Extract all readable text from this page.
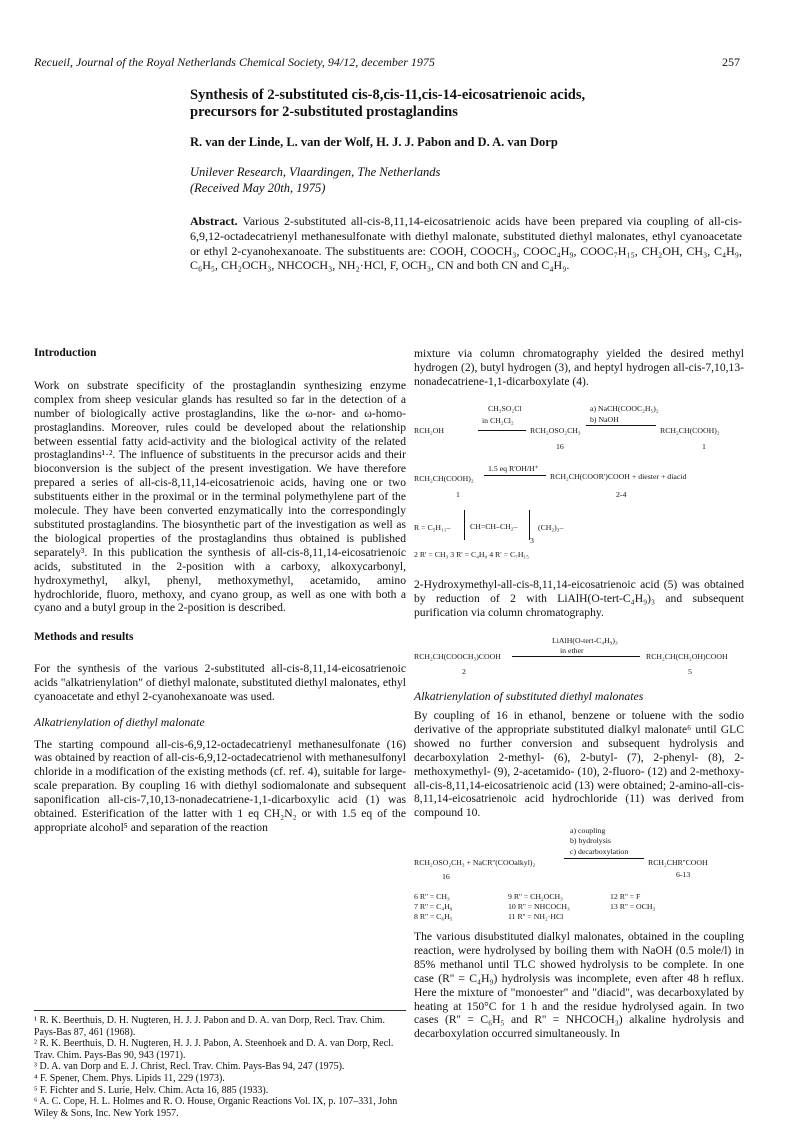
Recueil, Journal of the Royal Netherlands Chemical Society, 94/12, december 1975	257
Synthesis of 2-substituted cis-8,cis-11,cis-14-eicosatrienoic acids,
precursors for 2-substituted prostaglandins
R. van der Linde, L. van der Wolf, H. J. J. Pabon and D. A. van Dorp
Unilever Research, Vlaardingen, The Netherlands
(Received May 20th, 1975)
Abstract. Various 2-substituted all-cis-8,11,14-eicosatrienoic acids have been prepared via coupling of all-cis-6,9,12-octadecatrienyl methanesulfonate with diethyl malonate, substituted diethyl malonates, ethyl cyanoacetate or ethyl 2-cyanohexanoate. The substituents are: COOH, COOCH₃, COOC₄H₉, COOC₇H₁₅, CH₂OH, CH₃, C₄H₉, C₆H₅, CH₂OCH₃, NHCOCH₃, NH₂·HCl, F, OCH₃, CN and both CN and C₄H₉.
Introduction

Work on substrate specificity of the prostaglandin synthesizing enzyme complex from sheep vesicular glands has resulted so far in the detection of a number of biologically active prostaglandins, like the ω-nor- and ω-homo-prostaglandins. Moreover, rules could be developed about the relationship between essential fatty acid-activity and the biological activity of the related prostaglandins¹·². The influence of substituents in the precursor acids and their bioconversion is the subject of the present investigation. We have therefore prepared a series of all-cis-8,11,14-eicosatrienoic acids, having one or two substituents either in the proximal or in the terminal polymethylene part of the molecule. They have been converted enzymatically into the correspondingly substituted prostaglandins. The biosynthetic part of the investigation as well as the biological properties of the prostaglandins thus obtained is published separately³. In this publication the synthesis of all-cis-8,11,14-eicosatrienoic acids, substituted in the 2-position with a carboxy, alkoxycarbonyl, hydroxymethyl, alkyl, phenyl, methoxymethyl, acetamido, amino hydrochloride, fluoro, methoxy, and cyano group, as well as one with both a cyano and a butyl group in the 2-position is described.

Methods and results

For the synthesis of the various 2-substituted all-cis-8,11,14-eicosatrienoic acids "alkatrienylation" of diethyl malonate, substituted diethyl malonates, ethyl cyanoacetate and ethyl 2-cyanohexanoate was used.

Alkatrienylation of diethyl malonate

The starting compound all-cis-6,9,12-octadecatrienyl methanesulfonate (16) was obtained by reaction of all-cis-6,9,12-octadecatrienol with methanesulfonyl chloride in a modification of the existing methods (cf. ref. 4), suitable for large-scale preparation. By coupling 16 with diethyl sodiomalonate and subsequent saponification all-cis-7,10,13-nonadecatriene-1,1-dicarboxylic acid (1) was obtained. Esterification of the latter with 1 eq CH₂N₂ or with 1.5 eq of the appropriate alcohol⁵ and separation of the reaction

¹ R. K. Beerthuis, D. H. Nugteren, H. J. J. Pabon and D. A. van Dorp, Recl. Trav. Chim. Pays-Bas 87, 461 (1968).
² R. K. Beerthuis, D. H. Nugteren, H. J. J. Pabon, A. Steenhoek and D. A. van Dorp, Recl. Trav. Chim. Pays-Bas 90, 943 (1971).
³ D. A. van Dorp and E. J. Christ, Recl. Trav. Chim. Pays-Bas 94, 247 (1975).
⁴ F. Spener, Chem. Phys. Lipids 11, 229 (1973).
⁵ F. Fichter and S. Lurie, Helv. Chim. Acta 16, 885 (1933).
⁶ A. C. Cope, H. L. Holmes and R. O. House, Organic Reactions Vol. IX, p. 107–331, John Wiley & Sons, Inc. New York 1957.
mixture via column chromatography yielded the desired methyl hydrogen (2), butyl hydrogen (3), and heptyl hydrogen all-cis-7,10,13-nonadecatriene-1,1-dicarboxylate (4).
CH₃SO₂Cl
RCH₂OH
in CH₂Cl₂
RCH₂OSO₂CH₃
a) NaCH(COOC₂H₅)₂
b) NaOH
RCH₂CH(COOH)₂
16	1
RCH₂CH(COOH)₂
1.5 eq R'OH/H⁺
RCH₂CH(COOR')COOH + diester + diacid
1	2-4
R = C₅H₁₁–	CH=CH–CH₂–
3
(CH₂)₃–
2 R' = CH₃ 3 R' = C₄H₉ 4 R' = C₇H₁₅
2-Hydroxymethyl-all-cis-8,11,14-eicosatrienoic acid (5) was obtained by reduction of 2 with LiAlH(O-tert-C₄H₉)₃ and subsequent purification via column chromatography.
RCH₂CH(COOCH₃)COOH
LiAlH(O-tert-C₄H₉)₃
in ether
RCH₂CH(CH₂OH)COOH
2	5
Alkatrienylation of substituted diethyl malonates
By coupling of 16 in ethanol, benzene or toluene with the sodio derivative of the appropriate substituted dialkyl malonate⁶ until GLC showed no further conversion and subsequent hydrolysis and decarboxylation 2-methyl- (6), 2-butyl- (7), 2-phenyl- (8), 2-methoxymethyl- (9), 2-acetamido- (10), 2-fluoro- (12) and 2-methoxy-all-cis-8,11,14-eicosatrienoic acid (13) were obtained; 2-amino-all-cis-8,11,14-eicosatrienoic acid hydrochloride (11) was derived from compound 10.
a) coupling
b) hydrolysis
c) decarboxylation
RCH₂OSO₂CH₃ + NaCR''(COOalkyl)₂	RCH₂CHR''COOH
16	6-13
6 R'' = CH₃	9 R'' = CH₂OCH₃	12 R'' = F
7 R'' = C₄H₉	10 R'' = NHCOCH₃	13 R'' = OCH₃
8 R'' = C₆H₅	11 R'' = NH₂·HCl
The various disubstituted dialkyl malonates, obtained in the coupling reaction, were hydrolysed by boiling them with NaOH (0.5 mole/l) in 85% methanol until TLC showed hydrolysis to be complete. In one case (R'' = C₄H₉) hydrolysis was incomplete, even after 48 h reflux. Here the mixture of "monoester" and "diacid", was decarboxylated by heating at 150°C for 1 h and the residue hydrolysed again. In two cases (R'' = C₆H₅ and R'' = NHCOCH₃) alkaline hydrolysis and decarboxylation occurred simultaneously. In
